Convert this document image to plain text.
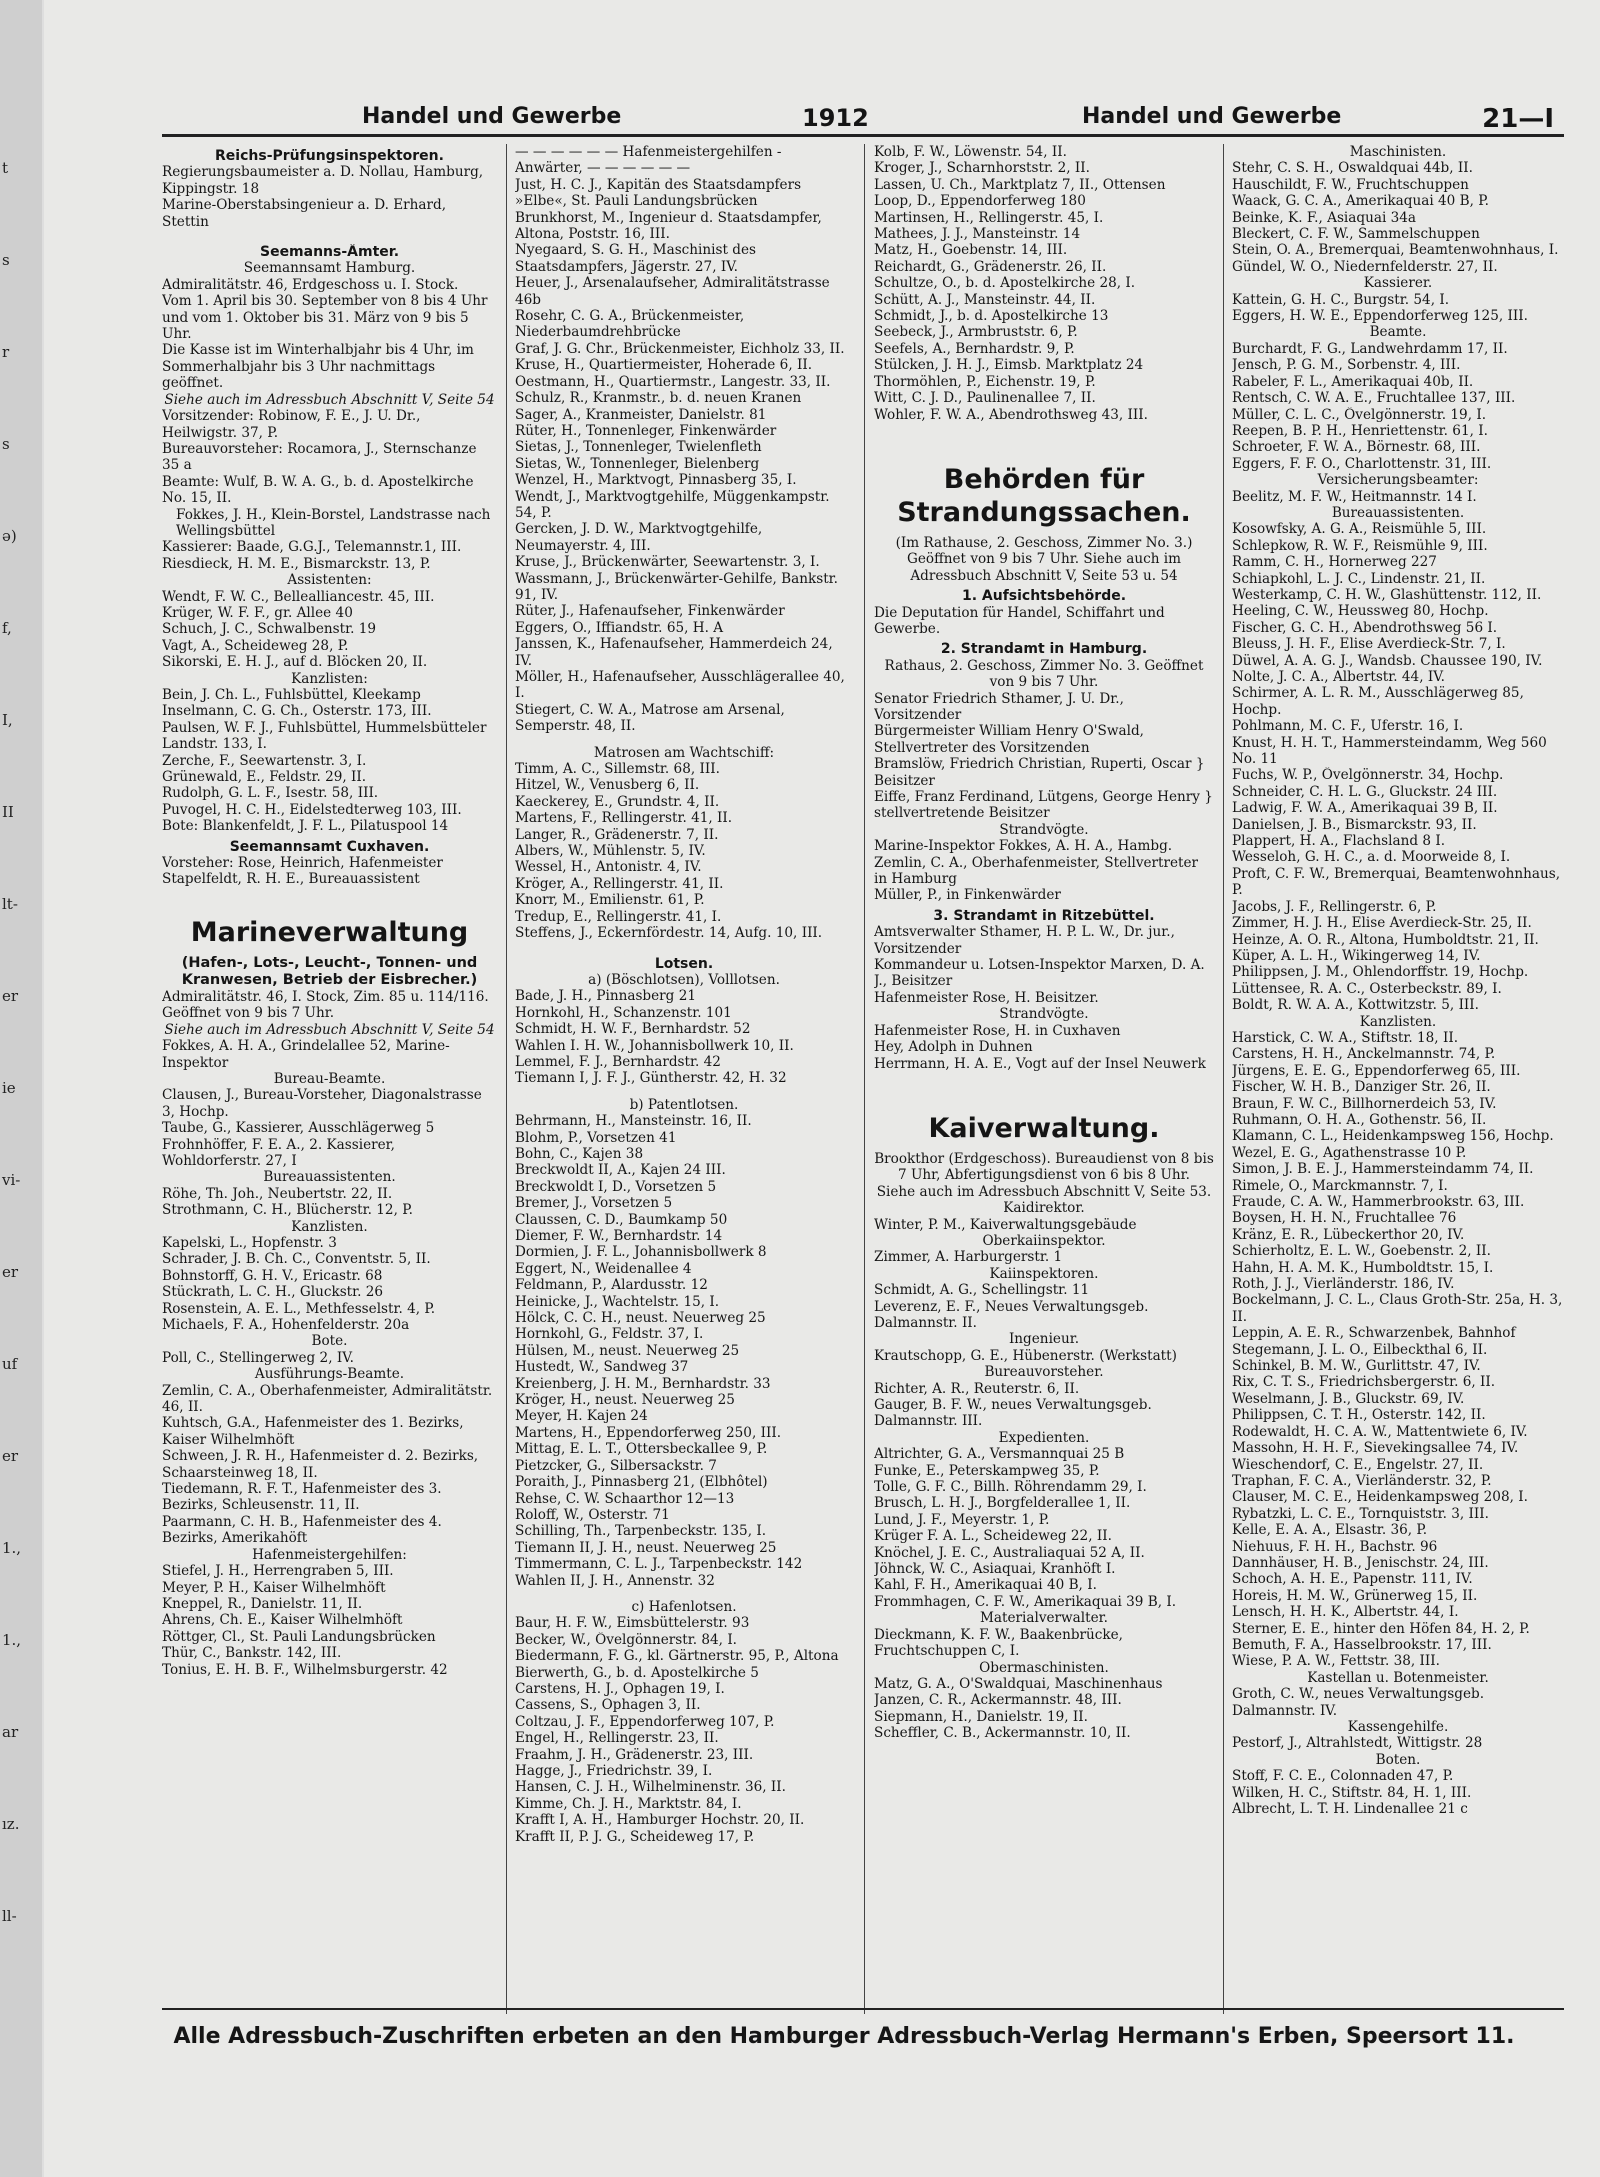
t
s
r
s
ə)
f,
I,
II
lt-
er
ie
vi-
er
uf
er
1.,
1.,
ar
ız.
ll-
Handel und Gewerbe	1912	Handel und Gewerbe	21—I
Reichs-Prüfungsinspektoren.
Regierungsbaumeister a. D. Nollau, Hamburg, Kippingstr. 18
Marine-Oberstabsingenieur a. D. Erhard, Stettin
Seemanns-Ämter.
Seemannsamt Hamburg.
Admiralitätstr. 46, Erdgeschoss u. I. Stock.
Vom 1. April bis 30. September von 8 bis 4 Uhr und vom 1. Oktober bis 31. März von 9 bis 5 Uhr.
Die Kasse ist im Winterhalbjahr bis 4 Uhr, im Sommerhalbjahr bis 3 Uhr nachmittags geöffnet.
Siehe auch im Adressbuch Abschnitt V, Seite 54
Vorsitzender: Robinow, F. E., J. U. Dr., Heilwigstr. 37, P.
Bureauvorsteher: Rocamora, J., Sternschanze 35 a
Beamte: Wulf, B. W. A. G., b. d. Apostelkirche No. 15, II.
Fokkes, J. H., Klein-Borstel, Landstrasse nach Wellingsbüttel
Kassierer: Baade, G.G.J., Telemannstr.1, III.
Riesdieck, H. M. E., Bismarckstr. 13, P.
Assistenten:
Wendt, F. W. C., Bellealliancestr. 45, III.
Krüger, W. F. F., gr. Allee 40
Schuch, J. C., Schwalbenstr. 19
Vagt, A., Scheideweg 28, P.
Sikorski, E. H. J., auf d. Blöcken 20, II.
Kanzlisten:
Bein, J. Ch. L., Fuhlsbüttel, Kleekamp
Inselmann, C. G. Ch., Osterstr. 173, III.
Paulsen, W. F. J., Fuhlsbüttel, Hummelsbütteler Landstr. 133, I.
Zerche, F., Seewartenstr. 3, I.
Grünewald, E., Feldstr. 29, II.
Rudolph, G. L. F., Isestr. 58, III.
Puvogel, H. C. H., Eidelstedterweg 103, III.
Bote: Blankenfeldt, J. F. L., Pilatuspool 14
Seemannsamt Cuxhaven.
Vorsteher: Rose, Heinrich, Hafenmeister
Stapelfeldt, R. H. E., Bureauassistent
Marineverwaltung
(Hafen-, Lots-, Leucht-, Tonnen- und Kranwesen, Betrieb der Eisbrecher.)
Admiralitätstr. 46, I. Stock, Zim. 85 u. 114/116. Geöffnet von 9 bis 7 Uhr.
Siehe auch im Adressbuch Abschnitt V, Seite 54
Fokkes, A. H. A., Grindelallee 52, Marine-Inspektor
Bureau-Beamte.
Clausen, J., Bureau-Vorsteher, Diagonalstrasse 3, Hochp.
Taube, G., Kassierer, Ausschlägerweg 5
Frohnhöffer, F. E. A., 2. Kassierer, Wohldorferstr. 27, I
Bureauassistenten.
Röhe, Th. Joh., Neubertstr. 22, II.
Strothmann, C. H., Blücherstr. 12, P.
Kanzlisten.
Kapelski, L., Hopfenstr. 3
Schrader, J. B. Ch. C., Conventstr. 5, II.
Bohnstorff, G. H. V., Ericastr. 68
Stückrath, L. C. H., Gluckstr. 26
Rosenstein, A. E. L., Methfesselstr. 4, P.
Michaels, F. A., Hohenfelderstr. 20a
Bote.
Poll, C., Stellingerweg 2, IV.
Ausführungs-Beamte.
Zemlin, C. A., Oberhafenmeister, Admiralitätstr. 46, II.
Kuhtsch, G.A., Hafenmeister des 1. Bezirks, Kaiser Wilhelmhöft
Schween, J. R. H., Hafenmeister d. 2. Bezirks, Schaarsteinweg 18, II.
Tiedemann, R. F. T., Hafenmeister des 3. Bezirks, Schleusenstr. 11, II.
Paarmann, C. H. B., Hafenmeister des 4. Bezirks, Amerikahöft
Hafenmeistergehilfen:
Stiefel, J. H., Herrengraben 5, III.
Meyer, P. H., Kaiser Wilhelmhöft
Kneppel, R., Danielstr. 11, II.
Ahrens, Ch. E., Kaiser Wilhelmhöft
Röttger, Cl., St. Pauli Landungsbrücken
Thür, C., Bankstr. 142, III.
Tonius, E. H. B. F., Wilhelmsburgerstr. 42
— — — — — — Hafenmeistergehilfen - Anwärter, — — — — — —
Just, H. C. J., Kapitän des Staatsdampfers »Elbe«, St. Pauli Landungsbrücken
Brunkhorst, M., Ingenieur d. Staatsdampfer, Altona, Poststr. 16, III.
Nyegaard, S. G. H., Maschinist des Staatsdampfers, Jägerstr. 27, IV.
Heuer, J., Arsenalaufseher, Admiralitätstrasse 46b
Rosehr, C. G. A., Brückenmeister, Niederbaumdrehbrücke
Graf, J. G. Chr., Brückenmeister, Eichholz 33, II.
Kruse, H., Quartiermeister, Hoherade 6, II.
Oestmann, H., Quartiermstr., Langestr. 33, II.
Schulz, R., Kranmstr., b. d. neuen Kranen
Sager, A., Kranmeister, Danielstr. 81
Rüter, H., Tonnenleger, Finkenwärder
Sietas, J., Tonnenleger, Twielenfleth
Sietas, W., Tonnenleger, Bielenberg
Wenzel, H., Marktvogt, Pinnasberg 35, I.
Wendt, J., Marktvogtgehilfe, Müggenkampstr. 54, P.
Gercken, J. D. W., Marktvogtgehilfe, Neumayerstr. 4, III.
Kruse, J., Brückenwärter, Seewartenstr. 3, I.
Wassmann, J., Brückenwärter-Gehilfe, Bankstr. 91, IV.
Rüter, J., Hafenaufseher, Finkenwärder
Eggers, O., Iffiandstr. 65, H. A
Janssen, K., Hafenaufseher, Hammerdeich 24, IV.
Möller, H., Hafenaufseher, Ausschlägerallee 40, I.
Stiegert, C. W. A., Matrose am Arsenal, Semperstr. 48, II.
Matrosen am Wachtschiff:
Timm, A. C., Sillemstr. 68, III.
Hitzel, W., Venusberg 6, II.
Kaeckerey, E., Grundstr. 4, II.
Martens, F., Rellingerstr. 41, II.
Langer, R., Grädenerstr. 7, II.
Albers, W., Mühlenstr. 5, IV.
Wessel, H., Antonistr. 4, IV.
Kröger, A., Rellingerstr. 41, II.
Knorr, M., Emilienstr. 61, P.
Tredup, E., Rellingerstr. 41, I.
Steffens, J., Eckernfördestr. 14, Aufg. 10, III.
Lotsen.
a) (Böschlotsen), Volllotsen.
Bade, J. H., Pinnasberg 21
Hornkohl, H., Schanzenstr. 101
Schmidt, H. W. F., Bernhardstr. 52
Wahlen I. H. W., Johannisbollwerk 10, II.
Lemmel, F. J., Bernhardstr. 42
Tiemann I, J. F. J., Güntherstr. 42, H. 32
b) Patentlotsen.
Behrmann, H., Mansteinstr. 16, II.
Blohm, P., Vorsetzen 41
Bohn, C., Kajen 38
Breckwoldt II, A., Kajen 24 III.
Breckwoldt I, D., Vorsetzen 5
Bremer, J., Vorsetzen 5
Claussen, C. D., Baumkamp 50
Diemer, F. W., Bernhardstr. 14
Dormien, J. F. L., Johannisbollwerk 8
Eggert, N., Weidenallee 4
Feldmann, P., Alardusstr. 12
Heinicke, J., Wachtelstr. 15, I.
Hölck, C. C. H., neust. Neuerweg 25
Hornkohl, G., Feldstr. 37, I.
Hülsen, M., neust. Neuerweg 25
Hustedt, W., Sandweg 37
Kreienberg, J. H. M., Bernhardstr. 33
Kröger, H., neust. Neuerweg 25
Meyer, H. Kajen 24
Martens, H., Eppendorferweg 250, III.
Mittag, E. L. T., Ottersbeckallee 9, P.
Pietzcker, G., Silbersackstr. 7
Poraith, J., Pinnasberg 21, (Elbhôtel)
Rehse, C. W. Schaarthor 12—13
Roloff, W., Osterstr. 71
Schilling, Th., Tarpenbeckstr. 135, I.
Tiemann II, J. H., neust. Neuerweg 25
Timmermann, C. L. J., Tarpenbeckstr. 142
Wahlen II, J. H., Annenstr. 32
c) Hafenlotsen.
Baur, H. F. W., Eimsbüttelerstr. 93
Becker, W., Övelgönnerstr. 84, I.
Biedermann, F. G., kl. Gärtnerstr. 95, P., Altona
Bierwerth, G., b. d. Apostelkirche 5
Carstens, H. J., Ophagen 19, I.
Cassens, S., Ophagen 3, II.
Coltzau, J. F., Eppendorferweg 107, P.
Engel, H., Rellingerstr. 23, II.
Fraahm, J. H., Grädenerstr. 23, III.
Hagge, J., Friedrichstr. 39, I.
Hansen, C. J. H., Wilhelminenstr. 36, II.
Kimme, Ch. J. H., Marktstr. 84, I.
Krafft I, A. H., Hamburger Hochstr. 20, II.
Krafft II, P. J. G., Scheideweg 17, P.
Kolb, F. W., Löwenstr. 54, II.
Kroger, J., Scharnhorststr. 2, II.
Lassen, U. Ch., Marktplatz 7, II., Ottensen
Loop, D., Eppendorferweg 180
Martinsen, H., Rellingerstr. 45, I.
Mathees, J. J., Mansteinstr. 14
Matz, H., Goebenstr. 14, III.
Reichardt, G., Grädenerstr. 26, II.
Schultze, O., b. d. Apostelkirche 28, I.
Schütt, A. J., Mansteinstr. 44, II.
Schmidt, J., b. d. Apostelkirche 13
Seebeck, J., Armbruststr. 6, P.
Seefels, A., Bernhardstr. 9, P.
Stülcken, J. H. J., Eimsb. Marktplatz 24
Thormöhlen, P., Eichenstr. 19, P.
Witt, C. J. D., Paulinenallee 7, II.
Wohler, F. W. A., Abendrothsweg 43, III.
Behörden für Strandungssachen.
(Im Rathause, 2. Geschoss, Zimmer No. 3.) Geöffnet von 9 bis 7 Uhr. Siehe auch im Adressbuch Abschnitt V, Seite 53 u. 54
1. Aufsichtsbehörde.
Die Deputation für Handel, Schiffahrt und Gewerbe.
2. Strandamt in Hamburg.
Rathaus, 2. Geschoss, Zimmer No. 3. Geöffnet von 9 bis 7 Uhr.
Senator Friedrich Sthamer, J. U. Dr., Vorsitzender
Bürgermeister William Henry O'Swald, Stellvertreter des Vorsitzenden
Bramslöw, Friedrich Christian, Ruperti, Oscar } Beisitzer
Eiffe, Franz Ferdinand, Lütgens, George Henry } stellvertretende Beisitzer
Strandvögte.
Marine-Inspektor Fokkes, A. H. A., Hambg.
Zemlin, C. A., Oberhafenmeister, Stellvertreter in Hamburg
Müller, P., in Finkenwärder
3. Strandamt in Ritzebüttel.
Amtsverwalter Sthamer, H. P. L. W., Dr. jur., Vorsitzender
Kommandeur u. Lotsen-Inspektor Marxen, D. A. J., Beisitzer
Hafenmeister Rose, H. Beisitzer.
Strandvögte.
Hafenmeister Rose, H. in Cuxhaven
Hey, Adolph in Duhnen
Herrmann, H. A. E., Vogt auf der Insel Neuwerk
Kaiverwaltung.
Brookthor (Erdgeschoss). Bureaudienst von 8 bis 7 Uhr, Abfertigungsdienst von 6 bis 8 Uhr.
Siehe auch im Adressbuch Abschnitt V, Seite 53.
Kaidirektor.
Winter, P. M., Kaiverwaltungsgebäude
Oberkaiinspektor.
Zimmer, A. Harburgerstr. 1
Kaiinspektoren.
Schmidt, A. G., Schellingstr. 11
Leverenz, E. F., Neues Verwaltungsgeb. Dalmannstr. II.
Ingenieur.
Krautschopp, G. E., Hübenerstr. (Werkstatt)
Bureauvorsteher.
Richter, A. R., Reuterstr. 6, II.
Gauger, B. F. W., neues Verwaltungsgeb. Dalmannstr. III.
Expedienten.
Altrichter, G. A., Versmannquai 25 B
Funke, E., Peterskampweg 35, P.
Tolle, G. F. C., Billh. Röhrendamm 29, I.
Brusch, L. H. J., Borgfelderallee 1, II.
Lund, J. F., Meyerstr. 1, P.
Krüger F. A. L., Scheideweg 22, II.
Knöchel, J. E. C., Australiaquai 52 A, II.
Jöhnck, W. C., Asiaquai, Kranhöft I.
Kahl, F. H., Amerikaquai 40 B, I.
Frommhagen, C. F. W., Amerikaquai 39 B, I.
Materialverwalter.
Dieckmann, K. F. W., Baakenbrücke, Fruchtschuppen C, I.
Obermaschinisten.
Matz, G. A., O'Swaldquai, Maschinenhaus
Janzen, C. R., Ackermannstr. 48, III.
Siepmann, H., Danielstr. 19, II.
Scheffler, C. B., Ackermannstr. 10, II.
Maschinisten.
Stehr, C. S. H., Oswaldquai 44b, II.
Hauschildt, F. W., Fruchtschuppen
Waack, G. C. A., Amerikaquai 40 B, P.
Beinke, K. F., Asiaquai 34a
Bleckert, C. F. W., Sammelschuppen
Stein, O. A., Bremerquai, Beamtenwohnhaus, I.
Gündel, W. O., Niedernfelderstr. 27, II.
Kassierer.
Kattein, G. H. C., Burgstr. 54, I.
Eggers, H. W. E., Eppendorferweg 125, III.
Beamte.
Burchardt, F. G., Landwehrdamm 17, II.
Jensch, P. G. M., Sorbenstr. 4, III.
Rabeler, F. L., Amerikaquai 40b, II.
Rentsch, C. W. A. E., Fruchtallee 137, III.
Müller, C. L. C., Övelgönnerstr. 19, I.
Reepen, B. P. H., Henriettenstr. 61, I.
Schroeter, F. W. A., Börnestr. 68, III.
Eggers, F. F. O., Charlottenstr. 31, III.
Versicherungsbeamter:
Beelitz, M. F. W., Heitmannstr. 14 I.
Bureauassistenten.
Kosowfsky, A. G. A., Reismühle 5, III.
Schlepkow, R. W. F., Reismühle 9, III.
Ramm, C. H., Hornerweg 227
Schiapkohl, L. J. C., Lindenstr. 21, II.
Westerkamp, C. H. W., Glashüttenstr. 112, II.
Heeling, C. W., Heussweg 80, Hochp.
Fischer, G. C. H., Abendrothsweg 56 I.
Bleuss, J. H. F., Elise Averdieck-Str. 7, I.
Düwel, A. A. G. J., Wandsb. Chaussee 190, IV.
Nolte, J. C. A., Albertstr. 44, IV.
Schirmer, A. L. R. M., Ausschlägerweg 85, Hochp.
Pohlmann, M. C. F., Uferstr. 16, I.
Knust, H. H. T., Hammersteindamm, Weg 560 No. 11
Fuchs, W. P., Övelgönnerstr. 34, Hochp.
Schneider, C. H. L. G., Gluckstr. 24 III.
Ladwig, F. W. A., Amerikaquai 39 B, II.
Danielsen, J. B., Bismarckstr. 93, II.
Plappert, H. A., Flachsland 8 I.
Wesseloh, G. H. C., a. d. Moorweide 8, I.
Proft, C. F. W., Bremerquai, Beamtenwohnhaus, P.
Jacobs, J. F., Rellingerstr. 6, P.
Zimmer, H. J. H., Elise Averdieck-Str. 25, II.
Heinze, A. O. R., Altona, Humboldtstr. 21, II.
Küper, A. L. H., Wikingerweg 14, IV.
Philippsen, J. M., Ohlendorffstr. 19, Hochp.
Lüttensee, R. A. C., Osterbeckstr. 89, I.
Boldt, R. W. A. A., Kottwitzstr. 5, III.
Kanzlisten.
Harstick, C. W. A., Stiftstr. 18, II.
Carstens, H. H., Anckelmannstr. 74, P.
Jürgens, E. E. G., Eppendorferweg 65, III.
Fischer, W. H. B., Danziger Str. 26, II.
Braun, F. W. C., Billhornerdeich 53, IV.
Ruhmann, O. H. A., Gothenstr. 56, II.
Klamann, C. L., Heidenkampsweg 156, Hochp.
Wezel, E. G., Agathenstrasse 10 P.
Simon, J. B. E. J., Hammersteindamm 74, II.
Rimele, O., Marckmannstr. 7, I.
Fraude, C. A. W., Hammerbrookstr. 63, III.
Boysen, H. H. N., Fruchtallee 76
Kränz, E. R., Lübeckerthor 20, IV.
Schierholtz, E. L. W., Goebenstr. 2, II.
Hahn, H. A. M. K., Humboldtstr. 15, I.
Roth, J. J., Vierländerstr. 186, IV.
Bockelmann, J. C. L., Claus Groth-Str. 25a, H. 3, II.
Leppin, A. E. R., Schwarzenbek, Bahnhof
Stegemann, J. L. O., Eilbeckthal 6, II.
Schinkel, B. M. W., Gurlittstr. 47, IV.
Rix, C. T. S., Friedrichsbergerstr. 6, II.
Weselmann, J. B., Gluckstr. 69, IV.
Philippsen, C. T. H., Osterstr. 142, II.
Rodewaldt, H. C. A. W., Mattentwiete 6, IV.
Massohn, H. H. F., Sievekingsallee 74, IV.
Wieschendorf, C. E., Engelstr. 27, II.
Traphan, F. C. A., Vierländerstr. 32, P.
Clauser, M. C. E., Heidenkampsweg 208, I.
Rybatzki, L. C. E., Tornquiststr. 3, III.
Kelle, E. A. A., Elsastr. 36, P.
Niehuus, F. H. H., Bachstr. 96
Dannhäuser, H. B., Jenischstr. 24, III.
Schoch, A. H. E., Papenstr. 111, IV.
Horeis, H. M. W., Grünerweg 15, II.
Lensch, H. H. K., Albertstr. 44, I.
Sterner, E. E., hinter den Höfen 84, H. 2, P.
Bemuth, F. A., Hasselbrookstr. 17, III.
Wiese, P. A. W., Fettstr. 38, III.
Kastellan u. Botenmeister.
Groth, C. W., neues Verwaltungsgeb. Dalmannstr. IV.
Kassengehilfe.
Pestorf, J., Altrahlstedt, Wittigstr. 28
Boten.
Stoff, F. C. E., Colonnaden 47, P.
Wilken, H. C., Stiftstr. 84, H. 1, III.
Albrecht, L. T. H. Lindenallee 21 c
Alle Adressbuch-Zuschriften erbeten an den Hamburger Adressbuch-Verlag Hermann's Erben, Speersort 11.
